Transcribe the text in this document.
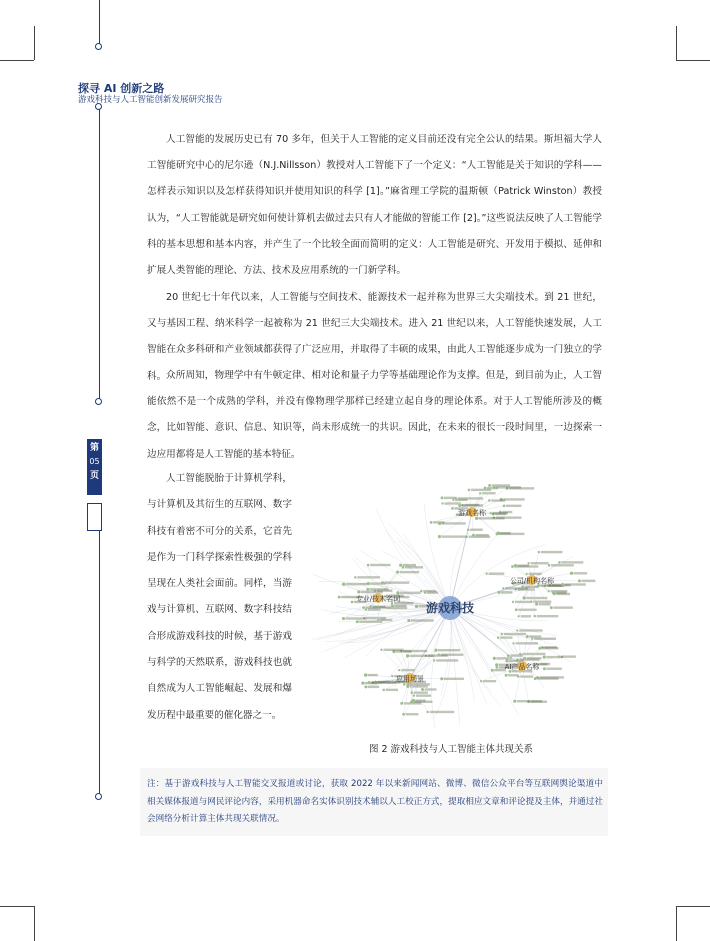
探寻 AI 创新之路
游戏科技与人工智能创新发展研究报告
第
05
页

人工智能的发展历史已有 70 多年，但关于人工智能的定义目前还没有完全公认的结果。斯坦福大学人工智能研究中心的尼尔逊（N.J.Nillsson）教授对人工智能下了一个定义：“人工智能是关于知识的学科——怎样表示知识以及怎样获得知识并使用知识的科学 [1]。”麻省理工学院的温斯顿（Patrick Winston）教授认为，“人工智能就是研究如何使计算机去做过去只有人才能做的智能工作 [2]。”这些说法反映了人工智能学科的基本思想和基本内容，并产生了一个比较全面而简明的定义：人工智能是研究、开发用于模拟、延伸和扩展人类智能的理论、方法、技术及应用系统的一门新学科。

20 世纪七十年代以来，人工智能与空间技术、能源技术一起并称为世界三大尖端技术。到 21 世纪，又与基因工程、纳米科学一起被称为 21 世纪三大尖端技术。进入 21 世纪以来，人工智能快速发展，人工智能在众多科研和产业领域都获得了广泛应用，并取得了丰硕的成果，由此人工智能逐步成为一门独立的学科。 众所周知，物理学中有牛顿定律、相对论和量子力学等基础理论作为支撑。但是，到目前为止，人工智能依然不是一个成熟的学科，并没有像物理学那样已经建立起自身的理论体系。对于人工智能所涉及的概念，比如智能、意识、信息、知识等，尚未形成统一的共识。因此，在未来的很长一段时间里，一边探索一边应用都将是人工智能的基本特征。

人工智能脱胎于计算机学科，与计算机及其衍生的互联网、数字科技有着密不可分的关系，它首先是作为一门科学探索性极强的学科呈现在人类社会面前。同样，当游戏与计算机、互联网、数字科技结合形成游戏科技的时候，基于游戏与科学的天然联系，游戏科技也就自然成为人工智能崛起、发展和爆发历程中最重要的催化器之一。

游戏科技
游戏名称
公司/机构名称
专业/技术名词
AI产品名称
应用场景
图 2 游戏科技与人工智能主体共现关系

注：基于游戏科技与人工智能交叉报道或讨论，获取 2022 年以来新闻网站、微博、微信公众平台等互联网舆论渠道中相关媒体报道与网民评论内容，采用机器命名实体识别技术辅以人工校正方式，提取相应文章和评论提及主体，并通过社会网络分析计算主体共现关联情况。
